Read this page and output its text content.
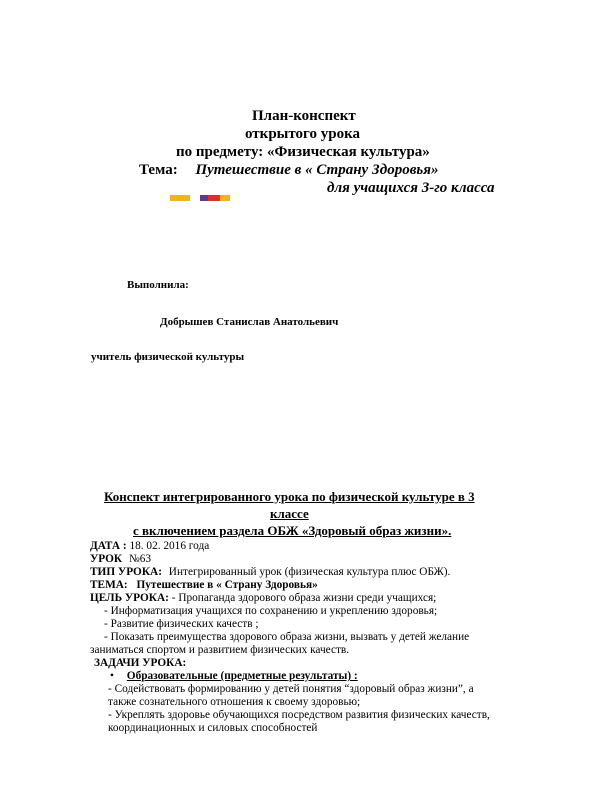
План-конспект
открытого урока
по предмету: «Физическая культура»
Тема: Путешествие в « Страну Здоровья»
для учащихся 3-го класса
Выполнила:
Добрышев Станислав Анатольевич
учитель физической культуры
Конспект интегрированного урока по физической культуре в 3
классе
с включением раздела ОБЖ «Здоровый образ жизни».
ДАТА : 18. 02. 2016 года
УРОК №63
ТИП УРОКА: Интегрированный урок (физическая культура плюс ОБЖ).
ТЕМА: Путешествие в « Страну Здоровья»
ЦЕЛЬ УРОКА: - Пропаганда здорового образа жизни среди учащихся;
- Информатизация учащихся по сохранению и укреплению здоровья;
- Развитие физических качеств ;
- Показать преимущества здорового образа жизни, вызвать у детей желание
заниматься спортом и развитием физических качеств.
ЗАДАЧИ УРОКА:
• Образовательные (предметные результаты) :
- Содействовать формированию у детей понятия “здоровый образ жизни”, а
также сознательного отношения к своему здоровью;
- Укреплять здоровье обучающихся посредством развития физических качеств,
координационных и силовых способностей
